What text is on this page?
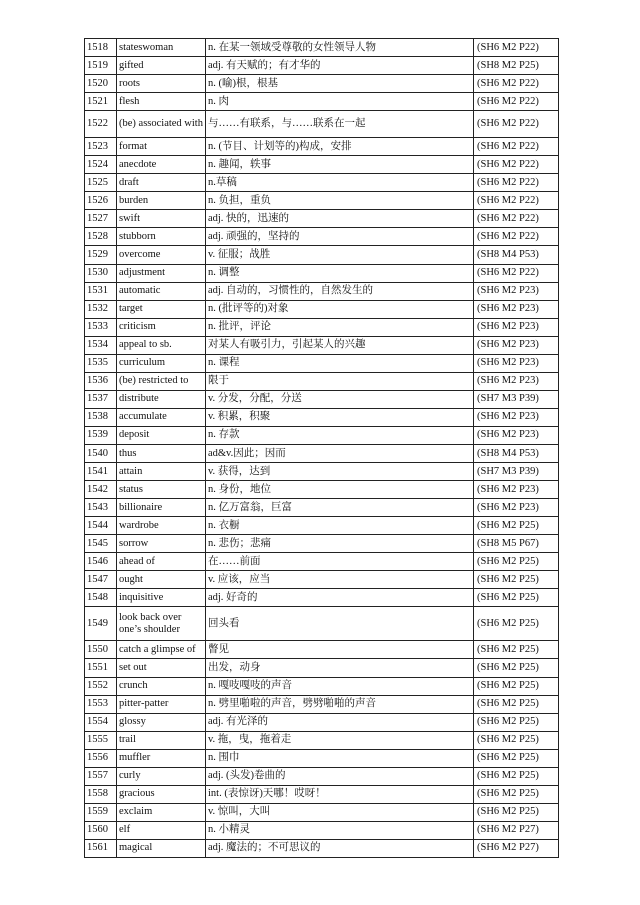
1518	stateswoman	n. 在某一领域受尊敬的女性领导人物	(SH6 M2 P22)
1519	gifted	adj. 有天赋的；有才华的	(SH8 M2 P25)
1520	roots	n. (喻)根，根基	(SH6 M2 P22)
1521	flesh	n. 肉	(SH6 M2 P22)
1522	(be) associated with	与……有联系，与……联系在一起	(SH6 M2 P22)
1523	format	n. (节目、计划等的)构成，安排	(SH6 M2 P22)
1524	anecdote	n. 趣闻，轶事	(SH6 M2 P22)
1525	draft	n.草稿	(SH6 M2 P22)
1526	burden	n. 负担，重负	(SH6 M2 P22)
1527	swift	adj. 快的，迅速的	(SH6 M2 P22)
1528	stubborn	adj. 顽强的，坚持的	(SH6 M2 P22)
1529	overcome	v. 征服；战胜	(SH8 M4 P53)
1530	adjustment	n. 调整	(SH6 M2 P22)
1531	automatic	adj. 自动的，习惯性的，自然发生的	(SH6 M2 P23)
1532	target	n. (批评等的)对象	(SH6 M2 P23)
1533	criticism	n. 批评，评论	(SH6 M2 P23)
1534	appeal to sb.	对某人有吸引力，引起某人的兴趣	(SH6 M2 P23)
1535	curriculum	n. 课程	(SH6 M2 P23)
1536	(be) restricted to	限于	(SH6 M2 P23)
1537	distribute	v. 分发，分配，分送	(SH7 M3 P39)
1538	accumulate	v. 积累，积聚	(SH6 M2 P23)
1539	deposit	n. 存款	(SH6 M2 P23)
1540	thus	ad&v.因此；因而	(SH8 M4 P53)
1541	attain	v. 获得，达到	(SH7 M3 P39)
1542	status	n. 身份，地位	(SH6 M2 P23)
1543	billionaire	n. 亿万富翁，巨富	(SH6 M2 P23)
1544	wardrobe	n. 衣橱	(SH6 M2 P25)
1545	sorrow	n. 悲伤；悲痛	(SH8 M5 P67)
1546	ahead of	在……前面	(SH6 M2 P25)
1547	ought	v. 应该，应当	(SH6 M2 P25)
1548	inquisitive	adj. 好奇的	(SH6 M2 P25)
1549	look back over one’s shoulder	回头看	(SH6 M2 P25)
1550	catch a glimpse of	瞥见	(SH6 M2 P25)
1551	set out	出发，动身	(SH6 M2 P25)
1552	crunch	n. 嘎吱嘎吱的声音	(SH6 M2 P25)
1553	pitter-patter	n. 劈里啪啦的声音，劈劈啪啪的声音	(SH6 M2 P25)
1554	glossy	adj. 有光泽的	(SH6 M2 P25)
1555	trail	v. 拖，曳，拖着走	(SH6 M2 P25)
1556	muffler	n. 围巾	(SH6 M2 P25)
1557	curly	adj. (头发)卷曲的	(SH6 M2 P25)
1558	gracious	int. (表惊讶)天哪！哎呀！	(SH6 M2 P25)
1559	exclaim	v. 惊叫，大叫	(SH6 M2 P25)
1560	elf	n. 小精灵	(SH6 M2 P27)
1561	magical	adj. 魔法的；不可思议的	(SH6 M2 P27)
